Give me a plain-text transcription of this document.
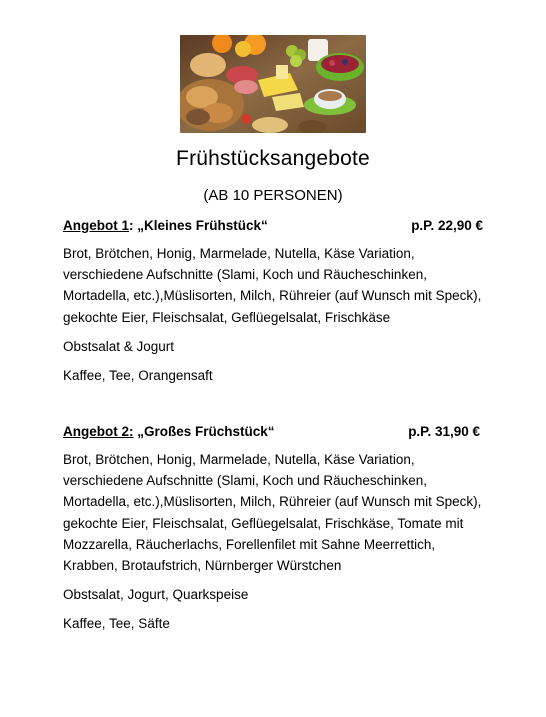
Frühstücksangebote
(AB 10 PERSONEN)
Angebot 1: „Kleines Frühstück“	p.P. 22,90 €
Brot, Brötchen, Honig, Marmelade, Nutella, Käse Variation, verschiedene Aufschnitte (Slami, Koch und Räucheschinken, Mortadella, etc.),Müslisorten, Milch, Rühreier (auf Wunsch mit Speck), gekochte Eier, Fleischsalat, Geflüegelsalat, Frischkäse
Obstsalat & Jogurt
Kaffee, Tee, Orangensaft
Angebot 2: „Großes Früchstück“	p.P. 31,90 €
Brot, Brötchen, Honig, Marmelade, Nutella, Käse Variation, verschiedene Aufschnitte (Slami, Koch und Räucheschinken, Mortadella, etc.),Müslisorten, Milch, Rühreier (auf Wunsch mit Speck), gekochte Eier, Fleischsalat, Geflüegelsalat, Frischkäse, Tomate mit Mozzarella, Räucherlachs, Forellenfilet mit Sahne Meerrettich, Krabben, Brotaufstrich, Nürnberger Würstchen
Obstsalat, Jogurt, Quarkspeise
Kaffee, Tee, Säfte
